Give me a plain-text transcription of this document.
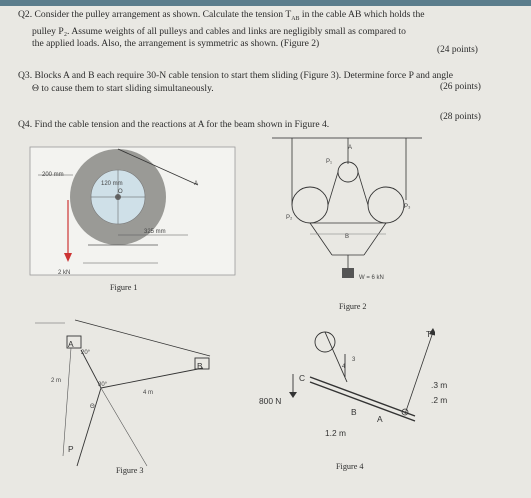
Q2. Consider the pulley arrangement as shown. Calculate the tension $T_{AB}$ in the cable AB which holds the
pulley P₂. Assume weights of all pulleys and cables and links are negligibly small as compared to
the applied loads. Also, the arrangement is symmetric as shown. (Figure 2)
(24 points)
Q3. Blocks A and B each require 30-N cable tension to start them sliding (Figure 3). Determine force P and angle
Θ to cause them to start sliding simultaneously.	(26 points)
Q4. Find the cable tension and the reactions at A for the beam shown in Figure 4.
(28 points)
200 mm
120 mm
O
A
325 mm
2 kN
Figure 1
P₁
P₂
P₃
A
B
W = 6 kN
Figure 2
A
B
20°
80°
2 m
4 m
Θ
P
Figure 3
C
800 N
T
A
B
4
3
.3 m
.2 m
1.2 m
Figure 4
